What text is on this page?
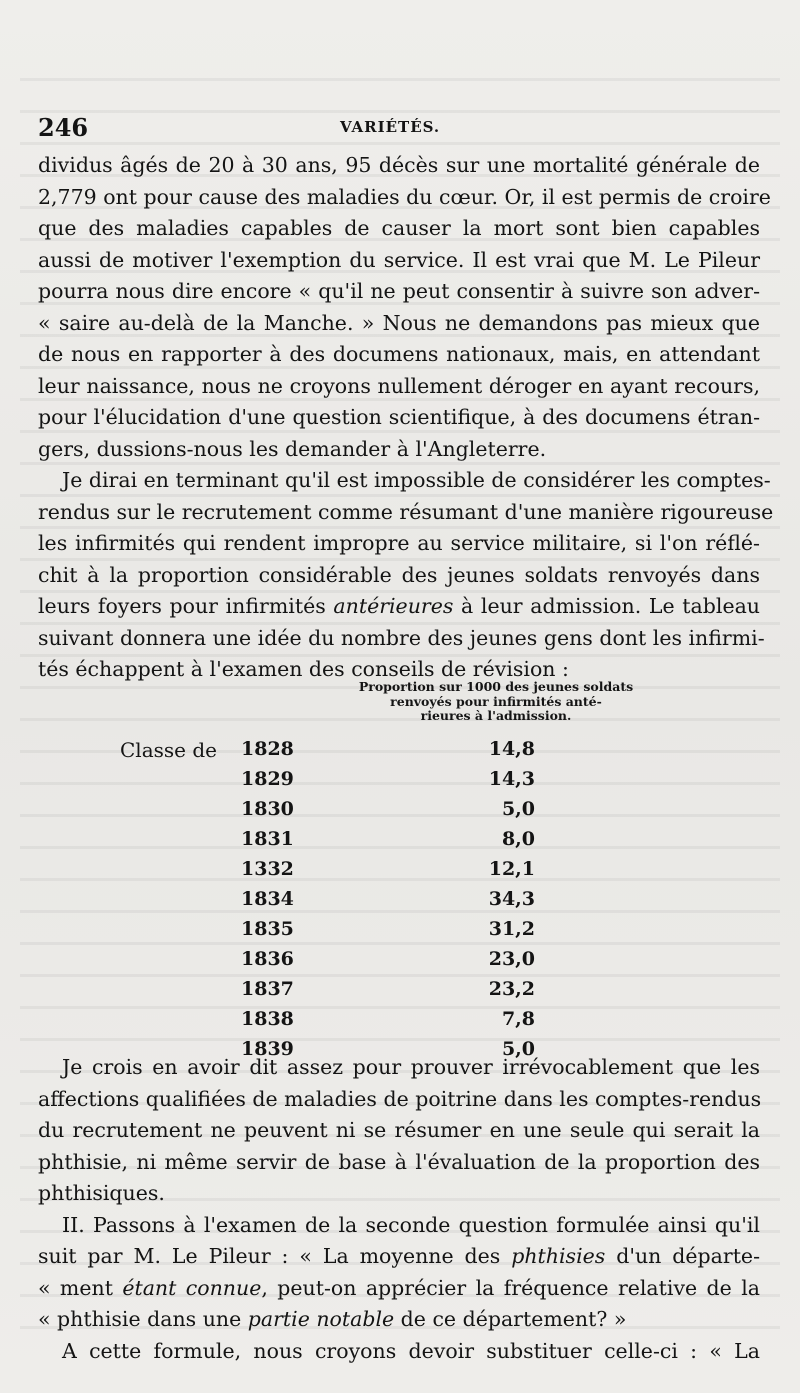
246	VARIÉTÉS.
dividus âgés de 20 à 30 ans, 95 décès sur une mortalité générale de
2,779 ont pour cause des maladies du cœur. Or, il est permis de croire
que des maladies capables de causer la mort sont bien capables
aussi de motiver l'exemption du service. Il est vrai que M. Le Pileur
pourra nous dire encore « qu'il ne peut consentir à suivre son adver-
« saire au-delà de la Manche. » Nous ne demandons pas mieux que
de nous en rapporter à des documens nationaux, mais, en attendant
leur naissance, nous ne croyons nullement déroger en ayant recours,
pour l'élucidation d'une question scientifique, à des documens étran-
gers, dussions-nous les demander à l'Angleterre.
Je dirai en terminant qu'il est impossible de considérer les comptes-
rendus sur le recrutement comme résumant d'une manière rigoureuse
les infirmités qui rendent impropre au service militaire, si l'on réflé-
chit à la proportion considérable des jeunes soldats renvoyés dans
leurs foyers pour infirmités antérieures à leur admission. Le tableau
suivant donnera une idée du nombre des jeunes gens dont les infirmi-
tés échappent à l'examen des conseils de révision :
Proportion sur 1000 des jeunes soldats
renvoyés pour infirmités anté-
rieures à l'admission.
Classe de 1828	14,8
1829	14,3
1830	5,0
1831	8,0
1332	12,1
1834	34,3
1835	31,2
1836	23,0
1837	23,2
1838	7,8
1839	5,0
Je crois en avoir dit assez pour prouver irrévocablement que les
affections qualifiées de maladies de poitrine dans les comptes-rendus
du recrutement ne peuvent ni se résumer en une seule qui serait la
phthisie, ni même servir de base à l'évaluation de la proportion des
phthisiques.
II. Passons à l'examen de la seconde question formulée ainsi qu'il
suit par M. Le Pileur : « La moyenne des phthisies d'un départe-
« ment étant connue, peut-on apprécier la fréquence relative de la
« phthisie dans une partie notable de ce département? »
A cette formule, nous croyons devoir substituer celle-ci : « La
